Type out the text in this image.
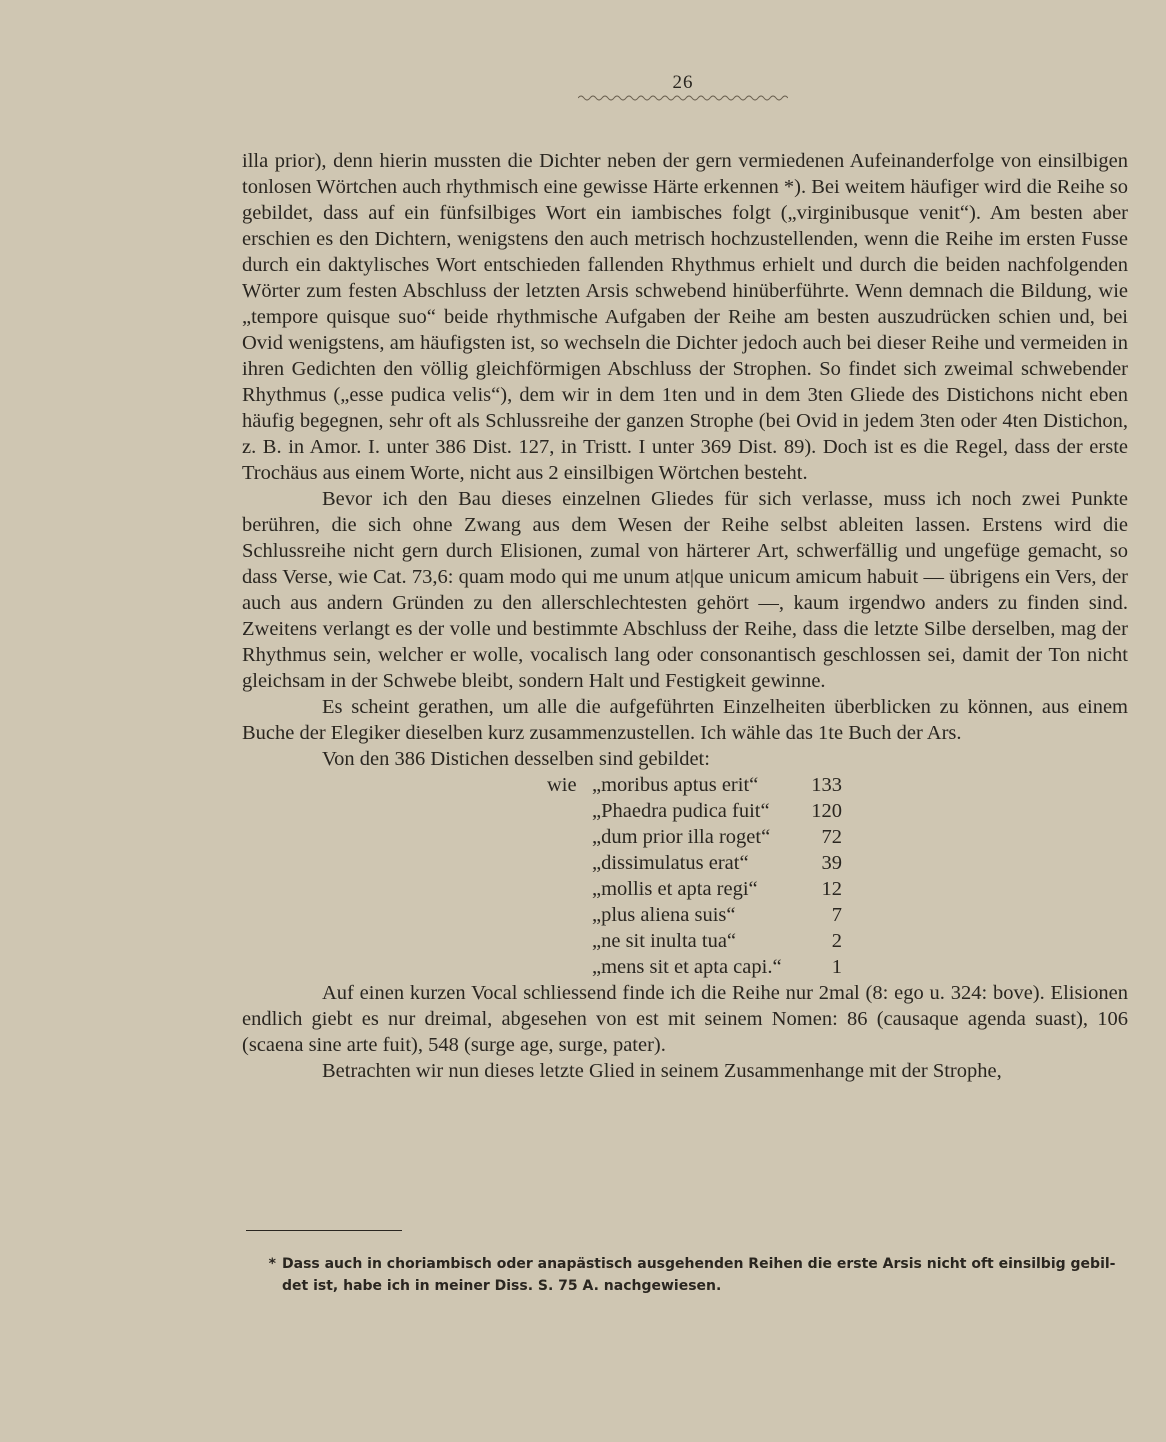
26

illa prior), denn hierin mussten die Dichter neben der gern vermiedenen Aufeinanderfolge von einsilbigen tonlosen Wörtchen auch rhythmisch eine gewisse Härte erkennen *). Bei weitem häufiger wird die Reihe so gebildet, dass auf ein fünfsilbiges Wort ein iambisches folgt („virginibusque venit“). Am besten aber erschien es den Dichtern, wenigstens den auch metrisch hochzustellenden, wenn die Reihe im ersten Fusse durch ein daktylisches Wort entschieden fallenden Rhythmus erhielt und durch die beiden nachfolgenden Wörter zum festen Abschluss der letzten Arsis schwebend hinüberführte. Wenn demnach die Bildung, wie „tempore quisque suo“ beide rhythmische Aufgaben der Reihe am besten auszudrücken schien und, bei Ovid wenigstens, am häufigsten ist, so wechseln die Dichter jedoch auch bei dieser Reihe und vermeiden in ihren Gedichten den völlig gleichförmigen Abschluss der Strophen. So findet sich zweimal schwebender Rhythmus („esse pudica velis“), dem wir in dem 1ten und in dem 3ten Gliede des Distichons nicht eben häufig begegnen, sehr oft als Schlussreihe der ganzen Strophe (bei Ovid in jedem 3ten oder 4ten Distichon, z. B. in Amor. I. unter 386 Dist. 127, in Tristt. I unter 369 Dist. 89). Doch ist es die Regel, dass der erste Trochäus aus einem Worte, nicht aus 2 einsilbigen Wörtchen besteht.

Bevor ich den Bau dieses einzelnen Gliedes für sich verlasse, muss ich noch zwei Punkte berühren, die sich ohne Zwang aus dem Wesen der Reihe selbst ableiten lassen. Erstens wird die Schlussreihe nicht gern durch Elisionen, zumal von härterer Art, schwerfällig und ungefüge gemacht, so dass Verse, wie Cat. 73,6: quam modo qui me unum at|que unicum amicum habuit — übrigens ein Vers, der auch aus andern Gründen zu den allerschlechtesten gehört —, kaum irgendwo anders zu finden sind. Zweitens verlangt es der volle und bestimmte Abschluss der Reihe, dass die letzte Silbe derselben, mag der Rhythmus sein, welcher er wolle, vocalisch lang oder consonantisch geschlossen sei, damit der Ton nicht gleichsam in der Schwebe bleibt, sondern Halt und Festigkeit gewinne.

Es scheint gerathen, um alle die aufgeführten Einzelheiten überblicken zu können, aus einem Buche der Elegiker dieselben kurz zusammenzustellen. Ich wähle das 1te Buch der Ars.

Von den 386 Distichen desselben sind gebildet:

wie „moribus aptus erit“	133
„Phaedra pudica fuit“	120
„dum prior illa roget“	72
„dissimulatus erat“	39
„mollis et apta regi“	12
„plus aliena suis“	7
„ne sit inulta tua“	2
„mens sit et apta capi.“	1

Auf einen kurzen Vocal schliessend finde ich die Reihe nur 2mal (8: ego u. 324: bove). Elisionen endlich giebt es nur dreimal, abgesehen von est mit seinem Nomen: 86 (causaque agenda suast), 106 (scaena sine arte fuit), 548 (surge age, surge, pater).

Betrachten wir nun dieses letzte Glied in seinem Zusammenhange mit der Strophe,

* Dass auch in choriambisch oder anapästisch ausgehenden Reihen die erste Arsis nicht oft einsilbig gebil-
det ist, habe ich in meiner Diss. S. 75 A. nachgewiesen.
